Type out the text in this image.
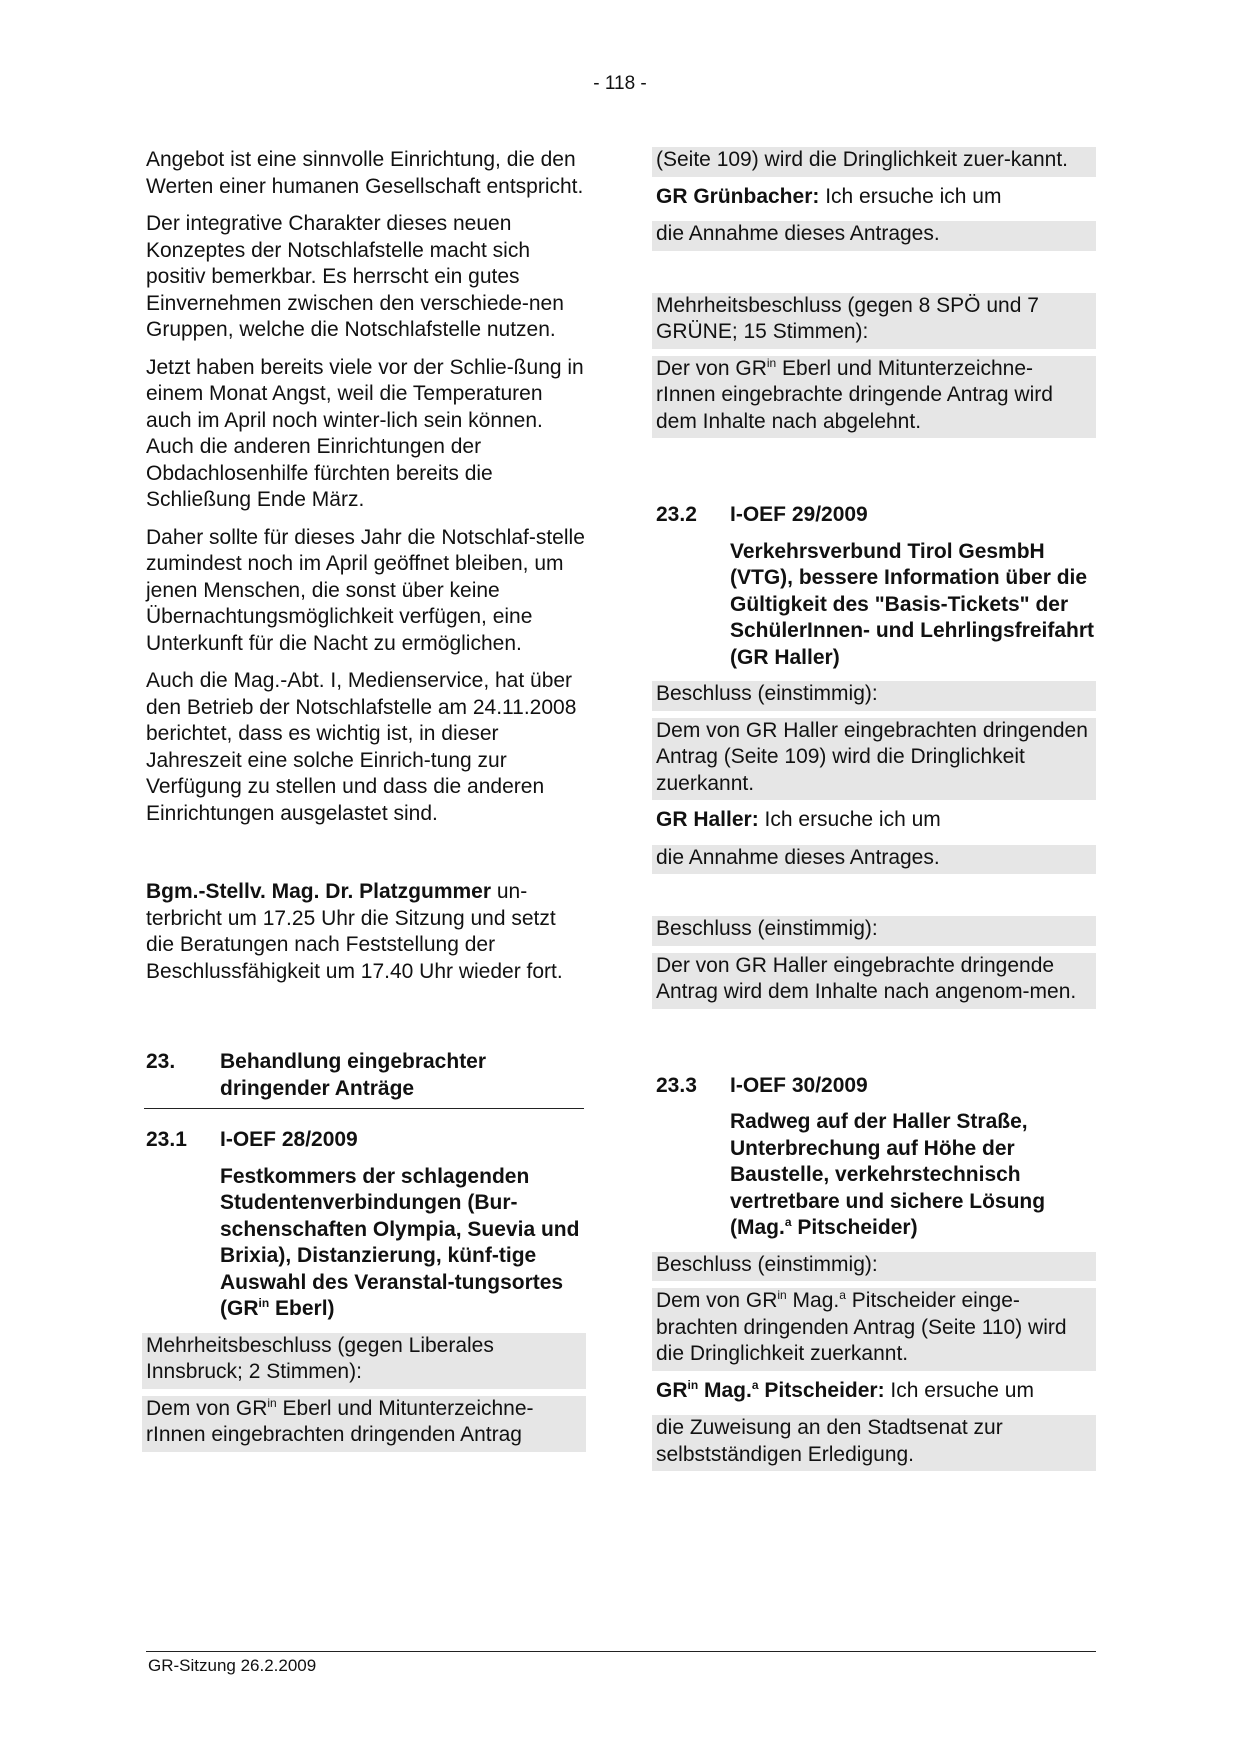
- 118 -

Angebot ist eine sinnvolle Einrichtung, die den Werten einer humanen Gesellschaft entspricht.

Der integrative Charakter dieses neuen Konzeptes der Notschlafstelle macht sich positiv bemerkbar. Es herrscht ein gutes Einvernehmen zwischen den verschiede-nen Gruppen, welche die Notschlafstelle nutzen.

Jetzt haben bereits viele vor der Schlie-ßung in einem Monat Angst, weil die Temperaturen auch im April noch winter-lich sein können. Auch die anderen Einrichtungen der Obdachlosenhilfe fürchten bereits die Schließung Ende März.

Daher sollte für dieses Jahr die Notschlaf-stelle zumindest noch im April geöffnet bleiben, um jenen Menschen, die sonst über keine Übernachtungsmöglichkeit verfügen, eine Unterkunft für die Nacht zu ermöglichen.

Auch die Mag.-Abt. I, Medienservice, hat über den Betrieb der Notschlafstelle am 24.11.2008 berichtet, dass es wichtig ist, in dieser Jahreszeit eine solche Einrich-tung zur Verfügung zu stellen und dass die anderen Einrichtungen ausgelastet sind.

Bgm.-Stellv. Mag. Dr. Platzgummer un-terbricht um 17.25 Uhr die Sitzung und setzt die Beratungen nach Feststellung der Beschlussfähigkeit um 17.40 Uhr wieder fort.

23. Behandlung eingebrachter dringender Anträge

23.1 I-OEF 28/2009

Festkommers der schlagenden Studentenverbindungen (Bur-schenschaften Olympia, Suevia und Brixia), Distanzierung, künf-tige Auswahl des Veranstal-tungsortes ($GR^{in}$ Eberl)

Mehrheitsbeschluss (gegen Liberales Innsbruck; 2 Stimmen):
Dem von $GR^{in}$ Eberl und Mitunterzeichne-rInnen eingebrachten dringenden Antrag
(Seite 109) wird die Dringlichkeit zuer-kannt.

GR Grünbacher: Ich ersuche ich um

die Annahme dieses Antrages.
Mehrheitsbeschluss (gegen 8 SPÖ und 7 GRÜNE; 15 Stimmen):
Der von $GR^{in}$ Eberl und Mitunterzeichne-rInnen eingebrachte dringende Antrag wird dem Inhalte nach abgelehnt.

23.2 I-OEF 29/2009

Verkehrsverbund Tirol GesmbH (VTG), bessere Information über die Gültigkeit des "Basis-Tickets" der SchülerInnen- und Lehrlingsfreifahrt (GR Haller)

Beschluss (einstimmig):
Dem von GR Haller eingebrachten dringenden Antrag (Seite 109) wird die Dringlichkeit zuerkannt.

GR Haller: Ich ersuche ich um

die Annahme dieses Antrages.
Beschluss (einstimmig):
Der von GR Haller eingebrachte dringende Antrag wird dem Inhalte nach angenom-men.

23.3 I-OEF 30/2009

Radweg auf der Haller Straße, Unterbrechung auf Höhe der Baustelle, verkehrstechnisch vertretbare und sichere Lösung (Mag.$^a$ Pitscheider)

Beschluss (einstimmig):
Dem von $GR^{in}$ Mag.$^a$ Pitscheider einge-brachten dringenden Antrag (Seite 110) wird die Dringlichkeit zuerkannt.

$GR^{in}$ Mag.$^a$ Pitscheider: Ich ersuche um

die Zuweisung an den Stadtsenat zur selbstständigen Erledigung.
GR-Sitzung 26.2.2009
